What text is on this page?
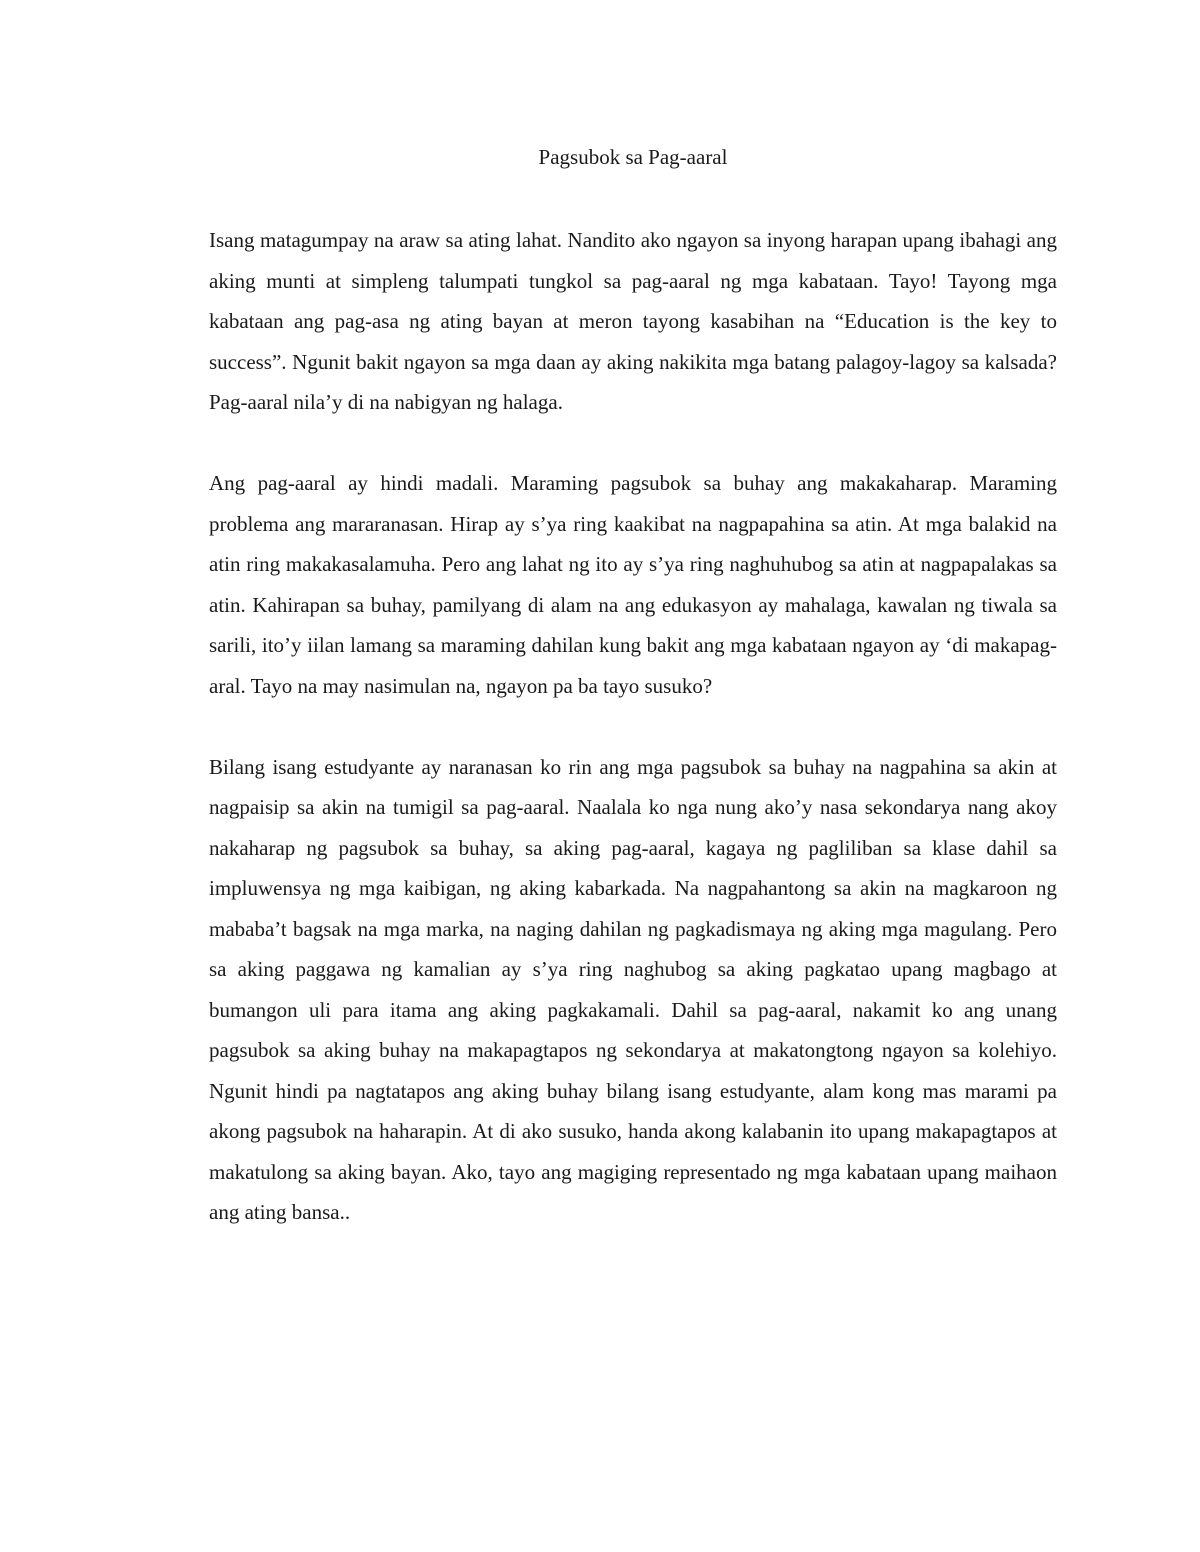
Pagsubok sa Pag-aaral

Isang matagumpay na araw sa ating lahat. Nandito ako ngayon sa inyong harapan upang ibahagi ang aking munti at simpleng talumpati tungkol sa pag-aaral ng mga kabataan. Tayo! Tayong mga kabataan ang pag-asa ng ating bayan at meron tayong kasabihan na “Education is the key to success”. Ngunit bakit ngayon sa mga daan ay aking nakikita mga batang palagoy-lagoy sa kalsada? Pag-aaral nila’y di na nabigyan ng halaga.

Ang pag-aaral ay hindi madali. Maraming pagsubok sa buhay ang makakaharap. Maraming problema ang mararanasan. Hirap ay s’ya ring kaakibat na nagpapahina sa atin. At mga balakid na atin ring makakasalamuha. Pero ang lahat ng ito ay s’ya ring naghuhubog sa atin at nagpapalakas sa atin. Kahirapan sa buhay, pamilyang di alam na ang edukasyon ay mahalaga, kawalan ng tiwala sa sarili, ito’y iilan lamang sa maraming dahilan kung bakit ang mga kabataan ngayon ay ‘di makapag-aral. Tayo na may nasimulan na, ngayon pa ba tayo susuko?

Bilang isang estudyante ay naranasan ko rin ang mga pagsubok sa buhay na nagpahina sa akin at nagpaisip sa akin na tumigil sa pag-aaral. Naalala ko nga nung ako’y nasa sekondarya nang akoy nakaharap ng pagsubok sa buhay, sa aking pag-aaral, kagaya ng pagliliban sa klase dahil sa impluwensya ng mga kaibigan, ng aking kabarkada. Na nagpahantong sa akin na magkaroon ng mababa’t bagsak na mga marka, na naging dahilan ng pagkadismaya ng aking mga magulang. Pero sa aking paggawa ng kamalian ay s’ya ring naghubog sa aking pagkatao upang magbago at bumangon uli para itama ang aking pagkakamali. Dahil sa pag-aaral, nakamit ko ang unang pagsubok sa aking buhay na makapagtapos ng sekondarya at makatongtong ngayon sa kolehiyo. Ngunit hindi pa nagtatapos ang aking buhay bilang isang estudyante, alam kong mas marami pa akong pagsubok na haharapin. At di ako susuko, handa akong kalabanin ito upang makapagtapos at makatulong sa aking bayan. Ako, tayo ang magiging representado ng mga kabataan upang maihaon ang ating bansa..
